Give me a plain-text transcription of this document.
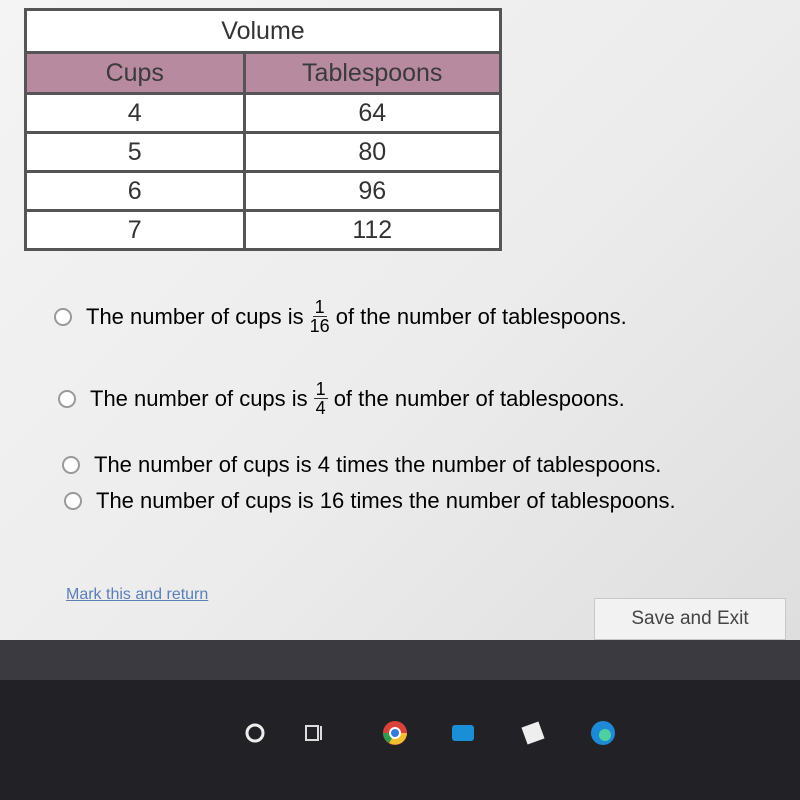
Volume	
Cups	Tablespoons
4	64
5	80
6	96
7	112
The number of cups is $\frac{1}{16}$ of the number of tablespoons.
The number of cups is $\frac{1}{4}$ of the number of tablespoons.
The number of cups is 4 times the number of tablespoons.
The number of cups is 16 times the number of tablespoons.
Mark this and return
Save and Exit
